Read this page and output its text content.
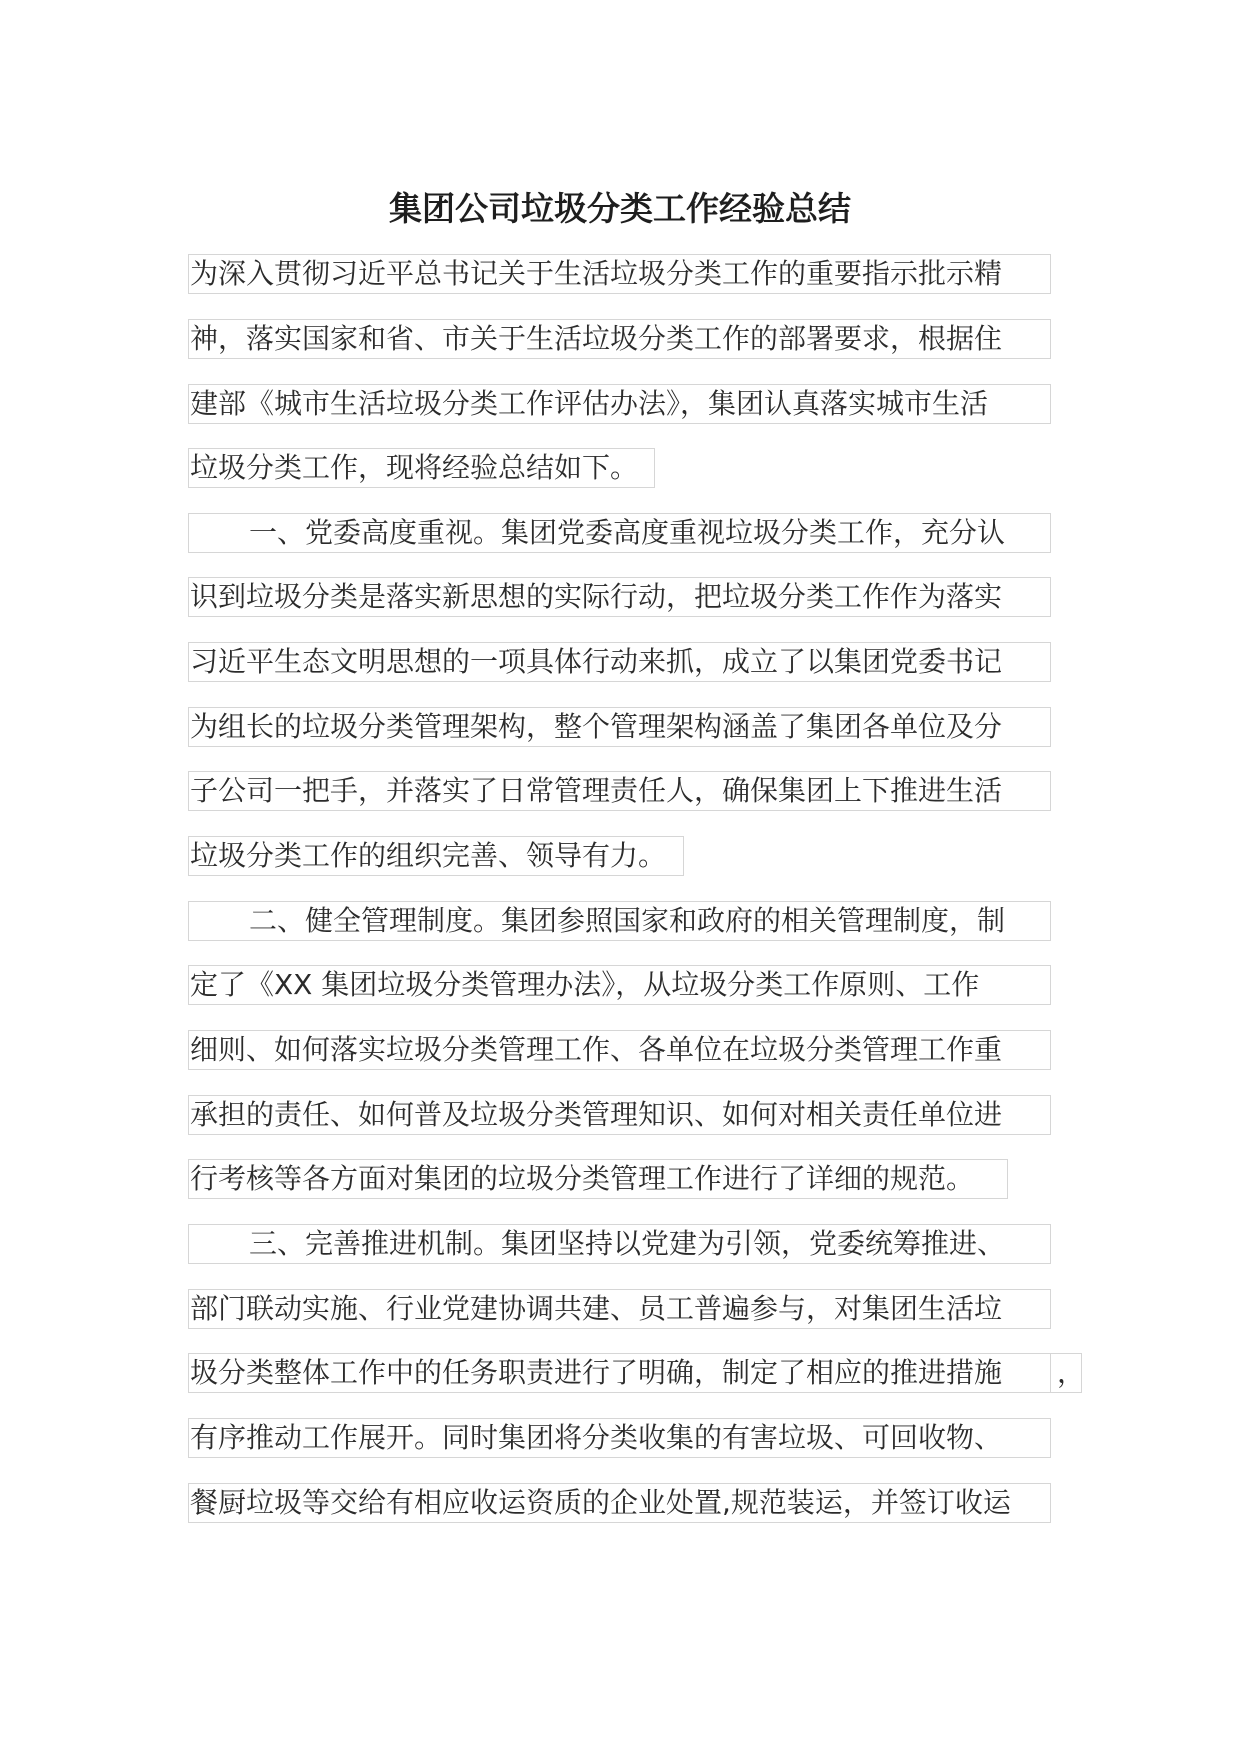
集团公司垃圾分类工作经验总结
为深入贯彻习近平总书记关于生活垃圾分类工作的重要指示批示精
神，落实国家和省、市关于生活垃圾分类工作的部署要求，根据住
建部《城市生活垃圾分类工作评估办法》，集团认真落实城市生活
垃圾分类工作，现将经验总结如下。
一、党委高度重视。集团党委高度重视垃圾分类工作，充分认
识到垃圾分类是落实新思想的实际行动，把垃圾分类工作作为落实
习近平生态文明思想的一项具体行动来抓，成立了以集团党委书记
为组长的垃圾分类管理架构，整个管理架构涵盖了集团各单位及分
子公司一把手，并落实了日常管理责任人，确保集团上下推进生活
垃圾分类工作的组织完善、领导有力。
二、健全管理制度。集团参照国家和政府的相关管理制度，制
定了《XX 集团垃圾分类管理办法》，从垃圾分类工作原则、工作
细则、如何落实垃圾分类管理工作、各单位在垃圾分类管理工作重
承担的责任、如何普及垃圾分类管理知识、如何对相关责任单位进
行考核等各方面对集团的垃圾分类管理工作进行了详细的规范。
三、完善推进机制。集团坚持以党建为引领，党委统筹推进、
部门联动实施、行业党建协调共建、员工普遍参与，对集团生活垃
圾分类整体工作中的任务职责进行了明确，制定了相应的推进措施	，
有序推动工作展开。同时集团将分类收集的有害垃圾、可回收物、
餐厨垃圾等交给有相应收运资质的企业处置,规范装运，并签订收运
